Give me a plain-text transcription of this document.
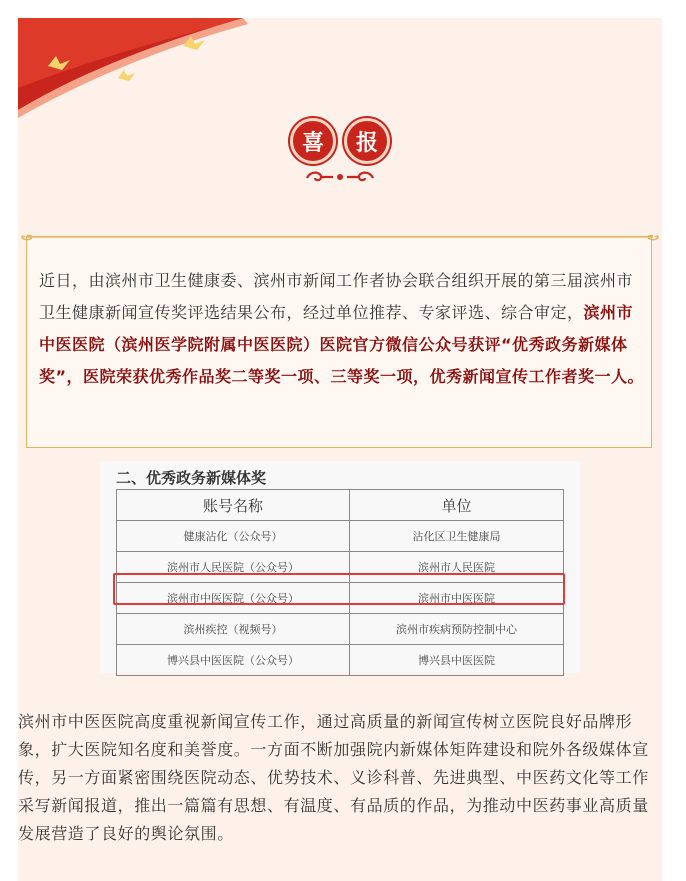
喜	报

近日，由滨州市卫生健康委、滨州市新闻工作者协会联合组织开展的第三届滨州市卫生健康新闻宣传奖评选结果公布，经过单位推荐、专家评选、综合审定，滨州市中医医院（滨州医学院附属中医医院）医院官方微信公众号获评“优秀政务新媒体奖”，医院荣获优秀作品奖二等奖一项、三等奖一项，优秀新闻宣传工作者奖一人。

二、优秀政务新媒体奖
账号名称	单位
健康沾化（公众号）	沾化区卫生健康局
滨州市人民医院（公众号）	滨州市人民医院
滨州市中医医院（公众号）	滨州市中医医院
滨州疾控（视频号）	滨州市疾病预防控制中心
博兴县中医医院（公众号）	博兴县中医医院

滨州市中医医院高度重视新闻宣传工作，通过高质量的新闻宣传树立医院良好品牌形象，扩大医院知名度和美誉度。一方面不断加强院内新媒体矩阵建设和院外各级媒体宣传，另一方面紧密围绕医院动态、优势技术、义诊科普、先进典型、中医药文化等工作采写新闻报道，推出一篇篇有思想、有温度、有品质的作品，为推动中医药事业高质量发展营造了良好的舆论氛围。
